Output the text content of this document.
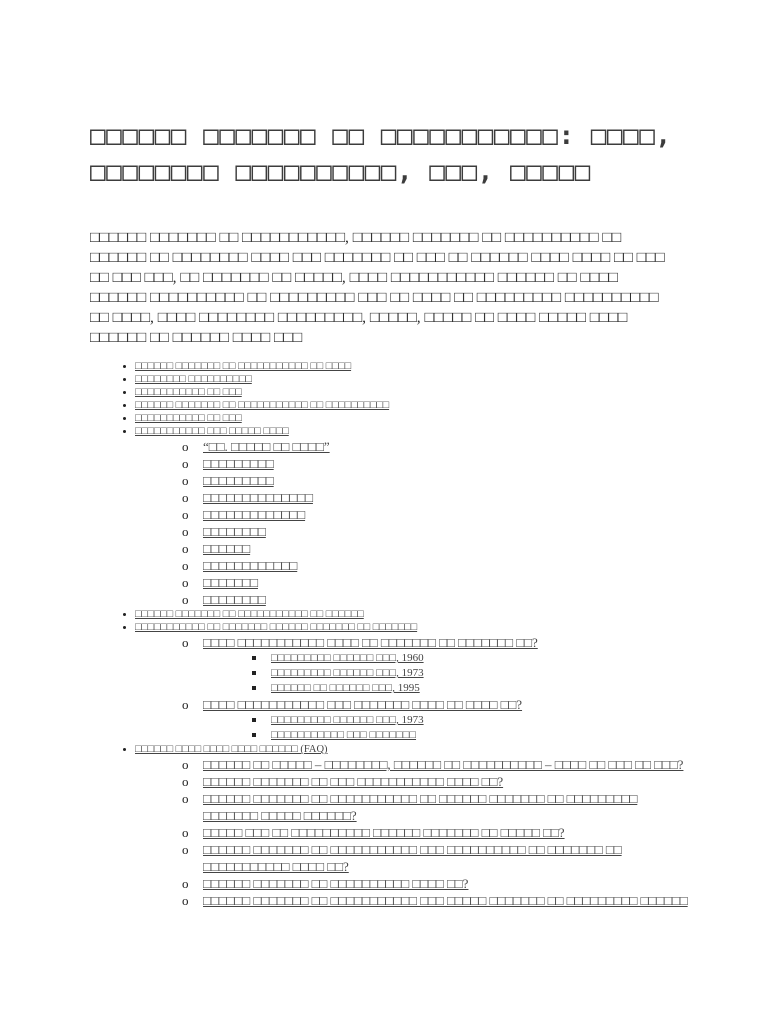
□□□□□□ □□□□□□□ □□ □□□□□□□□□□□: □□□□, □□□□□□□□ □□□□□□□□□□, □□□, □□□□□

□□□□□□ □□□□□□□ □□ □□□□□□□□□□□, □□□□□□ □□□□□□□ □□ □□□□□□□□□□ □□ □□□□□□ □□ □□□□□□□□ □□□□ □□□ □□□□□□□ □□ □□□ □□ □□□□□□ □□□□ □□□□ □□ □□□ □□ □□□ □□□, □□ □□□□□□□ □□ □□□□□, □□□□ □□□□□□□□□□□ □□□□□□ □□ □□□□ □□□□□□ □□□□□□□□□□ □□ □□□□□□□□□ □□□ □□ □□□□ □□ □□□□□□□□□ □□□□□□□□□□ □□ □□□□, □□□□ □□□□□□□□ □□□□□□□□□, □□□□□, □□□□□ □□ □□□□ □□□□□ □□□□ □□□□□□ □□ □□□□□□ □□□□ □□□

• □□□□□□ □□□□□□□ □□ □□□□□□□□□□□ □□ □□□□
• □□□□□□□□ □□□□□□□□□□
• □□□□□□□□□□□ □□ □□□
• □□□□□□ □□□□□□□ □□ □□□□□□□□□□□ □□ □□□□□□□□□□
• □□□□□□□□□□□ □□ □□□
• □□□□□□□□□□□ □□□ □□□□□ □□□□
o “□□. □□□□□ □□ □□□□”
o □□□□□□□□□
o □□□□□□□□□
o □□□□□□□□□□□□□□
o □□□□□□□□□□□□□
o □□□□□□□□
o □□□□□□
o □□□□□□□□□□□□
o □□□□□□□
o □□□□□□□□
• □□□□□□ □□□□□□□ □□ □□□□□□□□□□□ □□ □□□□□□
• □□□□□□□□□□□ □□ □□□□□□□ □□□□□□ □□□□□□□ □□ □□□□□□□
o □□□□ □□□□□□□□□□□ □□□□ □□ □□□□□□□ □□ □□□□□□□ □□?
□□□□□□□□□ □□□□□□ □□□, 1960
□□□□□□□□□ □□□□□□ □□□, 1973
□□□□□□ □□ □□□□□□ □□□, 1995
o □□□□ □□□□□□□□□□□ □□□ □□□□□□□ □□□□ □□ □□□□ □□?
□□□□□□□□□ □□□□□□ □□□, 1973
□□□□□□□□□□□ □□□ □□□□□□□
• □□□□□□ □□□□ □□□□ □□□□ □□□□□□ (FAQ)
o □□□□□□ □□ □□□□□ – □□□□□□□□, □□□□□□ □□ □□□□□□□□□□ – □□□□ □□ □□□ □□ □□□?
o □□□□□□ □□□□□□□ □□ □□□ □□□□□□□□□□□ □□□□ □□?
o □□□□□□ □□□□□□□ □□ □□□□□□□□□□□ □□ □□□□□□ □□□□□□□ □□ □□□□□□□□□ □□□□□□□ □□□□□ □□□□□□?
o □□□□□ □□□ □□ □□□□□□□□□□ □□□□□□ □□□□□□□ □□ □□□□□ □□?
o □□□□□□ □□□□□□□ □□ □□□□□□□□□□□ □□□ □□□□□□□□□□ □□ □□□□□□□ □□ □□□□□□□□□□□ □□□□ □□?
o □□□□□□ □□□□□□□ □□ □□□□□□□□□□ □□□□ □□?
o □□□□□□ □□□□□□□ □□ □□□□□□□□□□□ □□□ □□□□□ □□□□□□□ □□ □□□□□□□□□ □□□□□□
